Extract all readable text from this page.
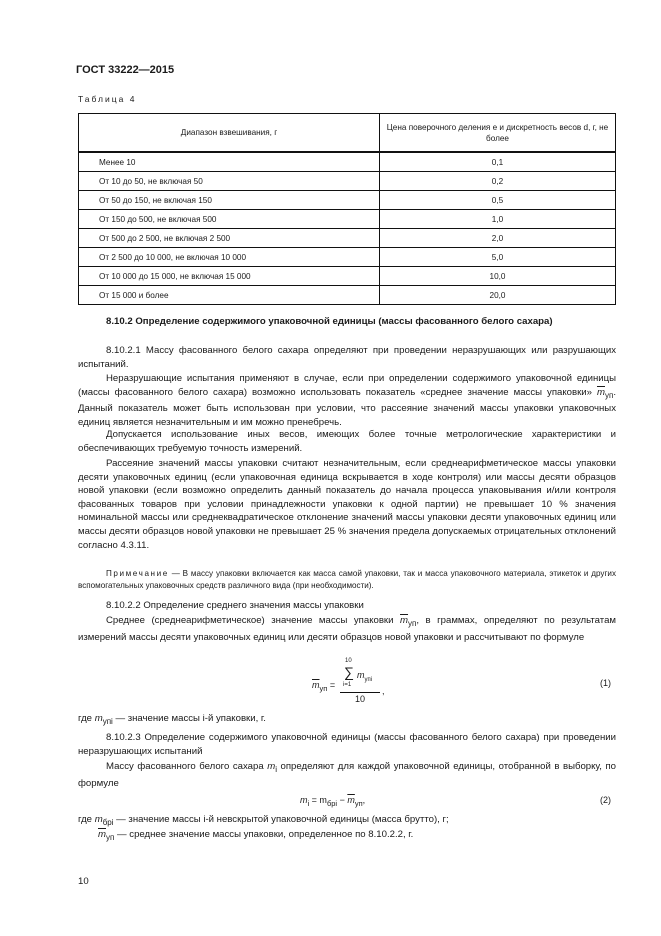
ГОСТ 33222—2015
Таблица 4
Диапазон взвешивания, г	Цена поверочного деления e и дискретность весов d, г, не более
Менее 10	0,1
От 10 до 50, не включая 50	0,2
От 50 до 150, не включая 150	0,5
От 150 до 500, не включая 500	1,0
От 500 до 2 500, не включая 2 500	2,0
От 2 500 до 10 000, не включая 10 000	5,0
От 10 000 до 15 000, не включая 15 000	10,0
От 15 000 и более	20,0
8.10.2 Определение содержимого упаковочной единицы (массы фасованного белого сахара)
8.10.2.1 Массу фасованного белого сахара определяют при проведении неразрушающих или разрушающих испытаний.
Неразрушающие испытания применяют в случае, если при определении содержимого упаковочной единицы (массы фасованного белого сахара) возможно использовать показатель «среднее значение массы упаковки» $\overline{m}_{уп}$. Данный показатель может быть использован при условии, что рассеяние значений массы упаковки упаковочных единиц является незначительным и им можно пренебречь.
Допускается использование иных весов, имеющих более точные метрологические характеристики и обеспечивающих требуемую точность измерений.
Рассеяние значений массы упаковки считают незначительным, если среднеарифметическое массы упаковки десяти упаковочных единиц (если упаковочная единица вскрывается в ходе контроля) или массы десяти образцов новой упаковки (если возможно определить данный показатель до начала процесса упаковывания и/или контроля фасованных товаров при условии принадлежности упаковки к одной партии) не превышает 10 % значения номинальной массы или среднеквадратическое отклонение значений массы упаковки десяти упаковочных единиц или массы десяти образцов новой упаковки не превышает 25 % значения предела допускаемых отрицательных отклонений согласно 4.3.11.
Примечание — В массу упаковки включается как масса самой упаковки, так и масса упаковочного материала, этикеток и других вспомогательных упаковочных средств различного вида (при необходимости).
8.10.2.2 Определение среднего значения массы упаковки
Среднее (среднеарифметическое) значение массы упаковки $\overline{m}_{уп}$, в граммах, определяют по результатам измерений массы десяти упаковочных единиц или десяти образцов новой упаковки и рассчитывают по формуле
$\overline{m}_{уп}$ =
10
∑
i=1
$m_{упi}$
,
10
(1)
где $m_{упi}$ — значение массы i-й упаковки, г.
8.10.2.3 Определение содержимого упаковочной единицы (массы фасованного белого сахара) при проведении неразрушающих испытаний
Массу фасованного белого сахара $m_i$ определяют для каждой упаковочной единицы, отобранной в выборку, по формуле
$m_i = m_{бpi} - \overline{m}_{уп}$,	(2)
где $m_{бpi}$ — значение массы i-й невскрытой упаковочной единицы (масса брутто), г;
$\overline{m}_{уп}$ — среднее значение массы упаковки, определенное по 8.10.2.2, г.
10
